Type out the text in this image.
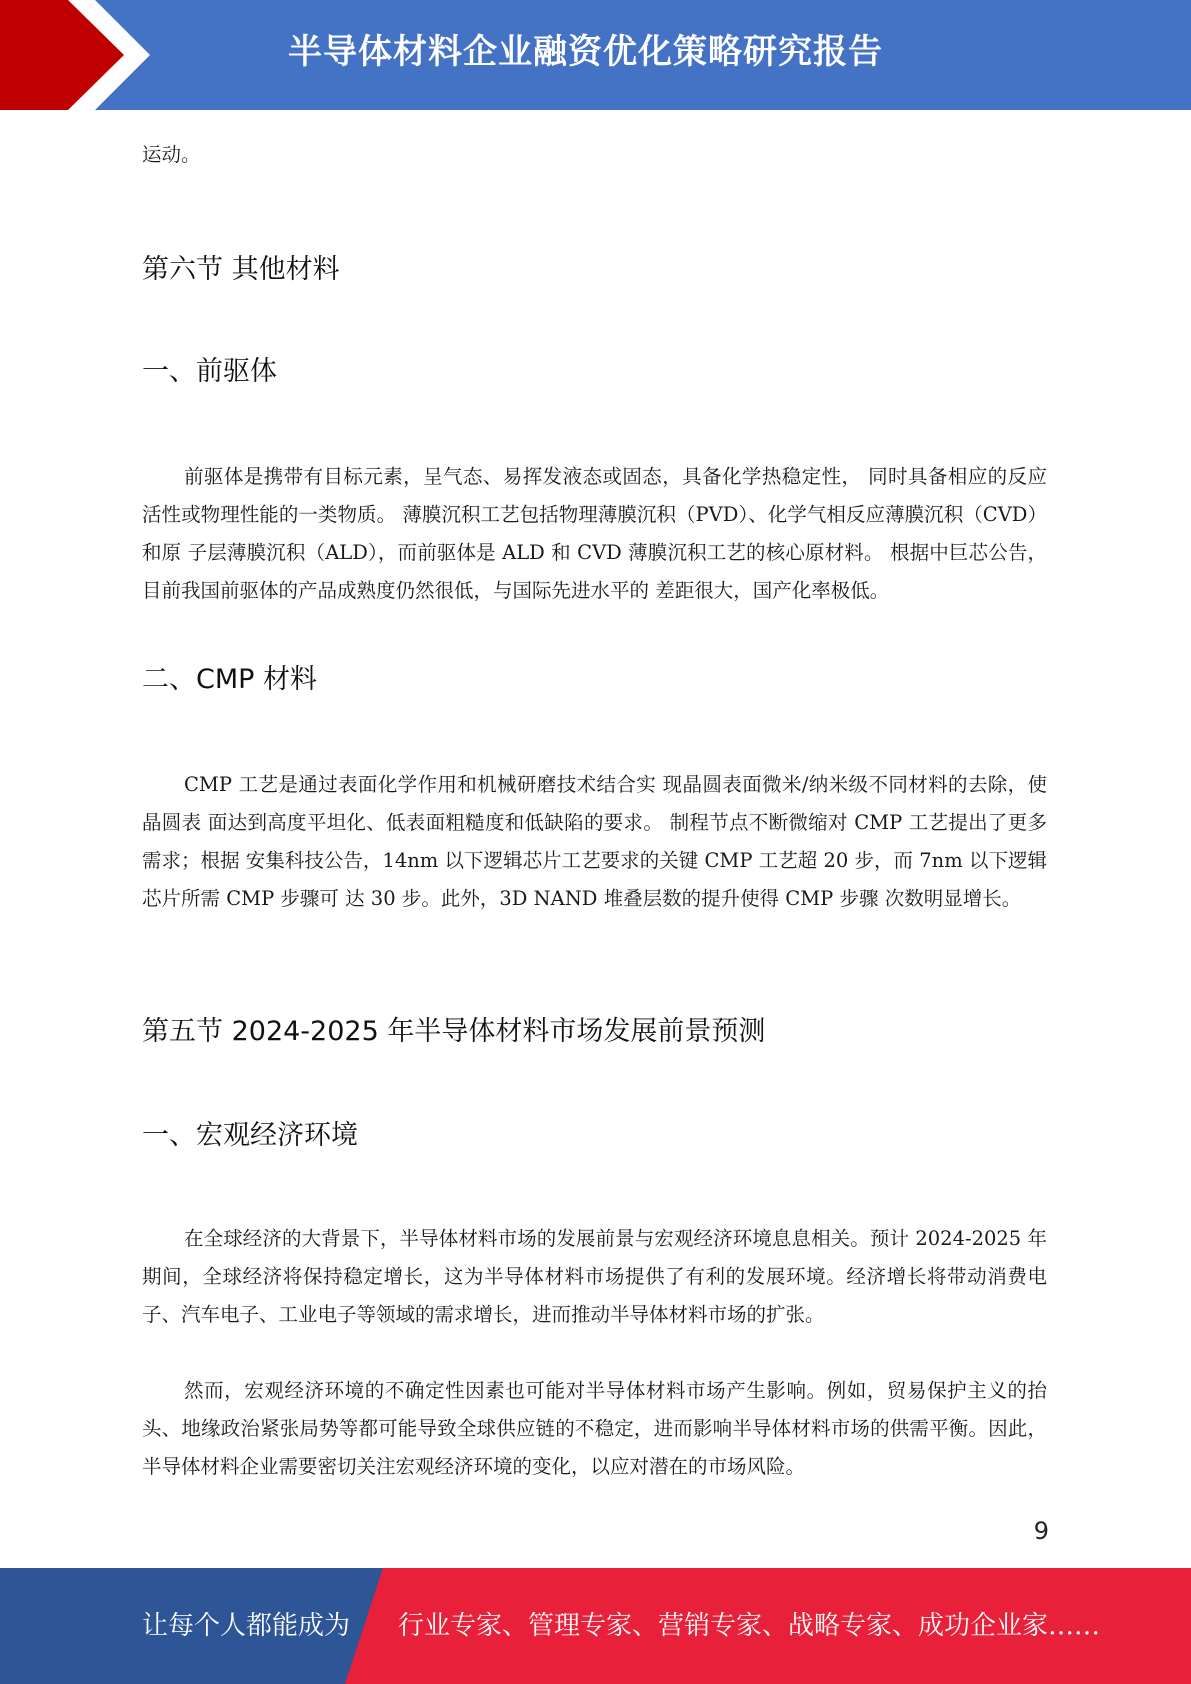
半导体材料企业融资优化策略研究报告

运动。

第六节 其他材料
一、前驱体

前驱体是携带有目标元素，呈气态、易挥发液态或固态，具备化学热稳定性， 同时具备相应的反应活性或物理性能的一类物质。 薄膜沉积工艺包括物理薄膜沉积（PVD）、化学气相反应薄膜沉积（CVD）和原 子层薄膜沉积（ALD），而前驱体是 ALD 和 CVD 薄膜沉积工艺的核心原材料。 根据中巨芯公告，目前我国前驱体的产品成熟度仍然很低，与国际先进水平的 差距很大，国产化率极低。

二、CMP 材料

CMP 工艺是通过表面化学作用和机械研磨技术结合实 现晶圆表面微米/纳米级不同材料的去除，使晶圆表 面达到高度平坦化、低表面粗糙度和低缺陷的要求。 制程节点不断微缩对 CMP 工艺提出了更多需求；根据 安集科技公告，14nm 以下逻辑芯片工艺要求的关键 CMP 工艺超 20 步，而 7nm 以下逻辑芯片所需 CMP 步骤可 达 30 步。此外，3D NAND 堆叠层数的提升使得 CMP 步骤 次数明显增长。

第五节 2024-2025 年半导体材料市场发展前景预测
一、宏观经济环境

在全球经济的大背景下，半导体材料市场的发展前景与宏观经济环境息息相关。预计 2024-2025 年期间，全球经济将保持稳定增长，这为半导体材料市场提供了有利的发展环境。经济增长将带动消费电子、汽车电子、工业电子等领域的需求增长，进而推动半导体材料市场的扩张。

然而，宏观经济环境的不确定性因素也可能对半导体材料市场产生影响。例如，贸易保护主义的抬头、地缘政治紧张局势等都可能导致全球供应链的不稳定，进而影响半导体材料市场的供需平衡。因此，半导体材料企业需要密切关注宏观经济环境的变化，以应对潜在的市场风险。

9
让每个人都能成为 行业专家、管理专家、营销专家、战略专家、成功企业家……
